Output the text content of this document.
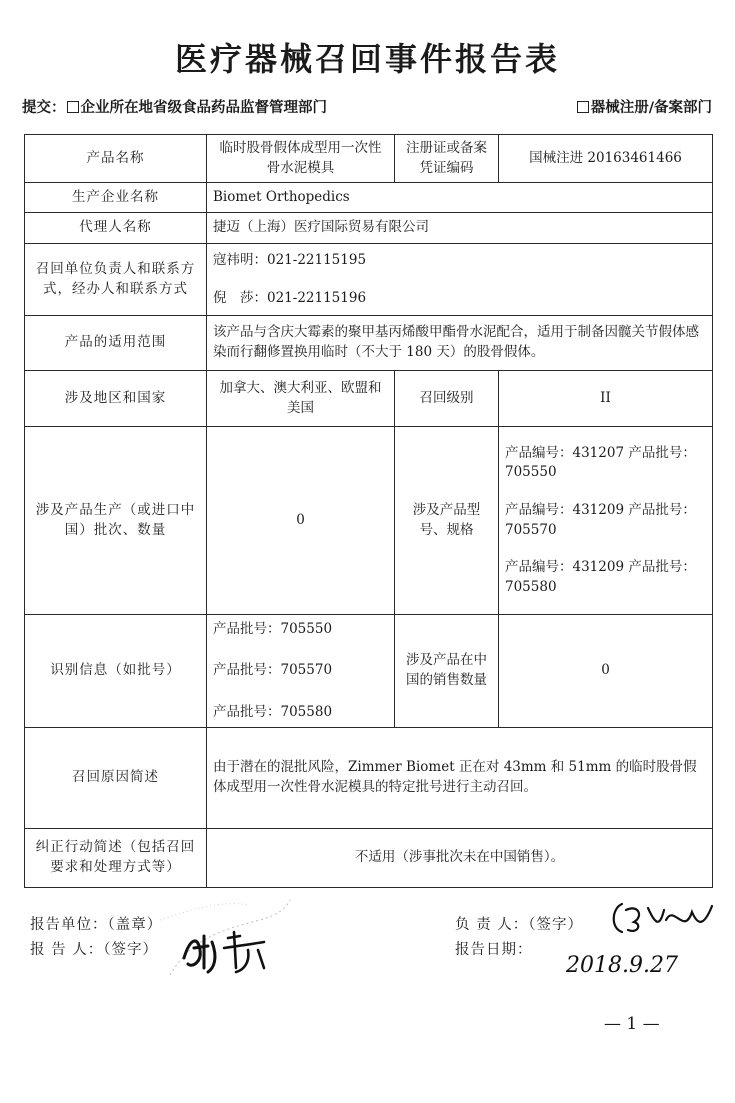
医疗器械召回事件报告表
提交： 企业所在地省级食品药品监督管理部门	器械注册/备案部门
产品名称	临时股骨假体成型用一次性骨水泥模具	注册证或备案凭证编码	国械注进 20163461466
生产企业名称	Biomet Orthopedics		
代理人名称	捷迈（上海）医疗国际贸易有限公司		
召回单位负责人和联系方式，经办人和联系方式	寇祎明：021-22115195
倪　莎：021-22115196		

产品的适用范围	该产品与含庆大霉素的聚甲基丙烯酸甲酯骨水泥配合，适用于制备因髋关节假体感染而行翻修置换用临时（不大于 180 天）的股骨假体。		
涉及地区和国家	加拿大、澳大利亚、欧盟和美国	召回级别	II
涉及产品生产（或进口中国）批次、数量	0	涉及产品型号、规格	产品编号：431207 产品批号：705550
产品编号：431209 产品批号：705570
产品编号：431209 产品批号：705580

识别信息（如批号）	产品批号：705550
产品批号：705570
产品批号：705580	涉及产品在中国的销售数量	0
召回原因简述	由于潜在的混批风险，Zimmer Biomet 正在对 43mm 和 51mm 的临时股骨假体成型用一次性骨水泥模具的特定批号进行主动召回。		
纠正行动简述（包括召回要求和处理方式等）	不适用（涉事批次未在中国销售）。		
报告单位：（盖章）
报 告 人：（签字）
负 责 人：（签字）
报告日期：
2018.9.27
— 1 —
